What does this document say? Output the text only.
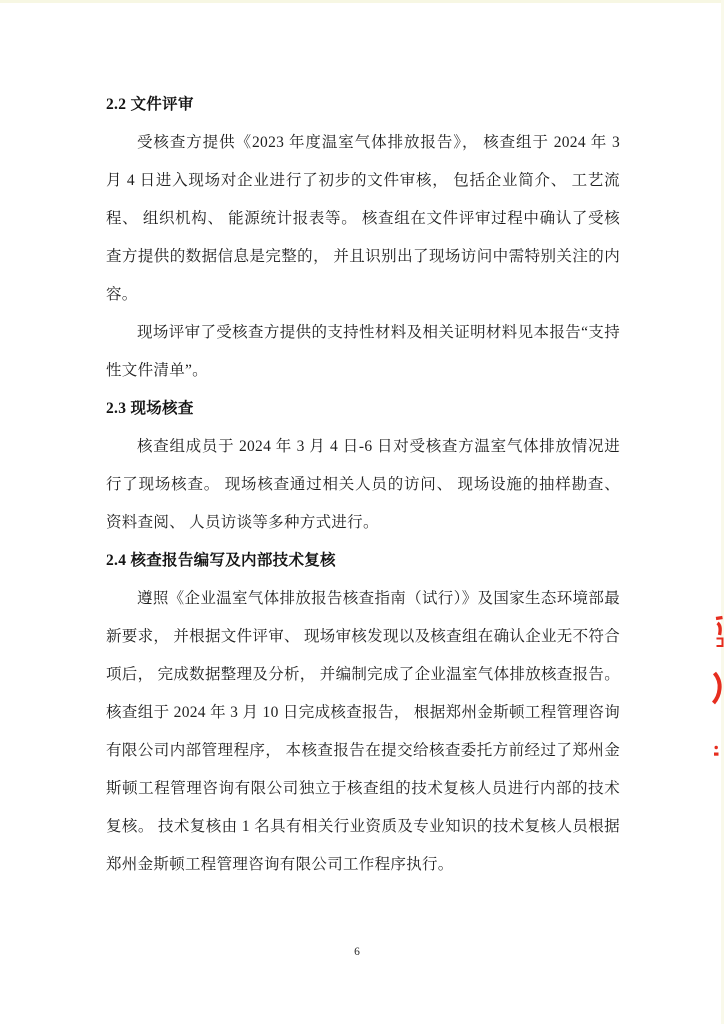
2.2 文件评审

受核查方提供《2023 年度温室气体排放报告》， 核查组于 2024 年 3 月 4 日进入现场对企业进行了初步的文件审核， 包括企业简介、 工艺流程、 组织机构、 能源统计报表等。 核查组在文件评审过程中确认了受核查方提供的数据信息是完整的， 并且识别出了现场访问中需特别关注的内容。

现场评审了受核查方提供的支持性材料及相关证明材料见本报告“支持性文件清单”。

2.3 现场核查

核查组成员于 2024 年 3 月 4 日-6 日对受核查方温室气体排放情况进行了现场核查。 现场核查通过相关人员的访问、 现场设施的抽样勘查、 资料查阅、 人员访谈等多种方式进行。

2.4 核查报告编写及内部技术复核

遵照《企业温室气体排放报告核查指南（试行）》及国家生态环境部最新要求， 并根据文件评审、 现场审核发现以及核查组在确认企业无不符合项后， 完成数据整理及分析， 并编制完成了企业温室气体排放核查报告。 核查组于 2024 年 3 月 10 日完成核查报告， 根据郑州金斯顿工程管理咨询有限公司内部管理程序， 本核查报告在提交给核查委托方前经过了郑州金斯顿工程管理咨询有限公司独立于核查组的技术复核人员进行内部的技术复核。 技术复核由 1 名具有相关行业资质及专业知识的技术复核人员根据郑州金斯顿工程管理咨询有限公司工作程序执行。

6
